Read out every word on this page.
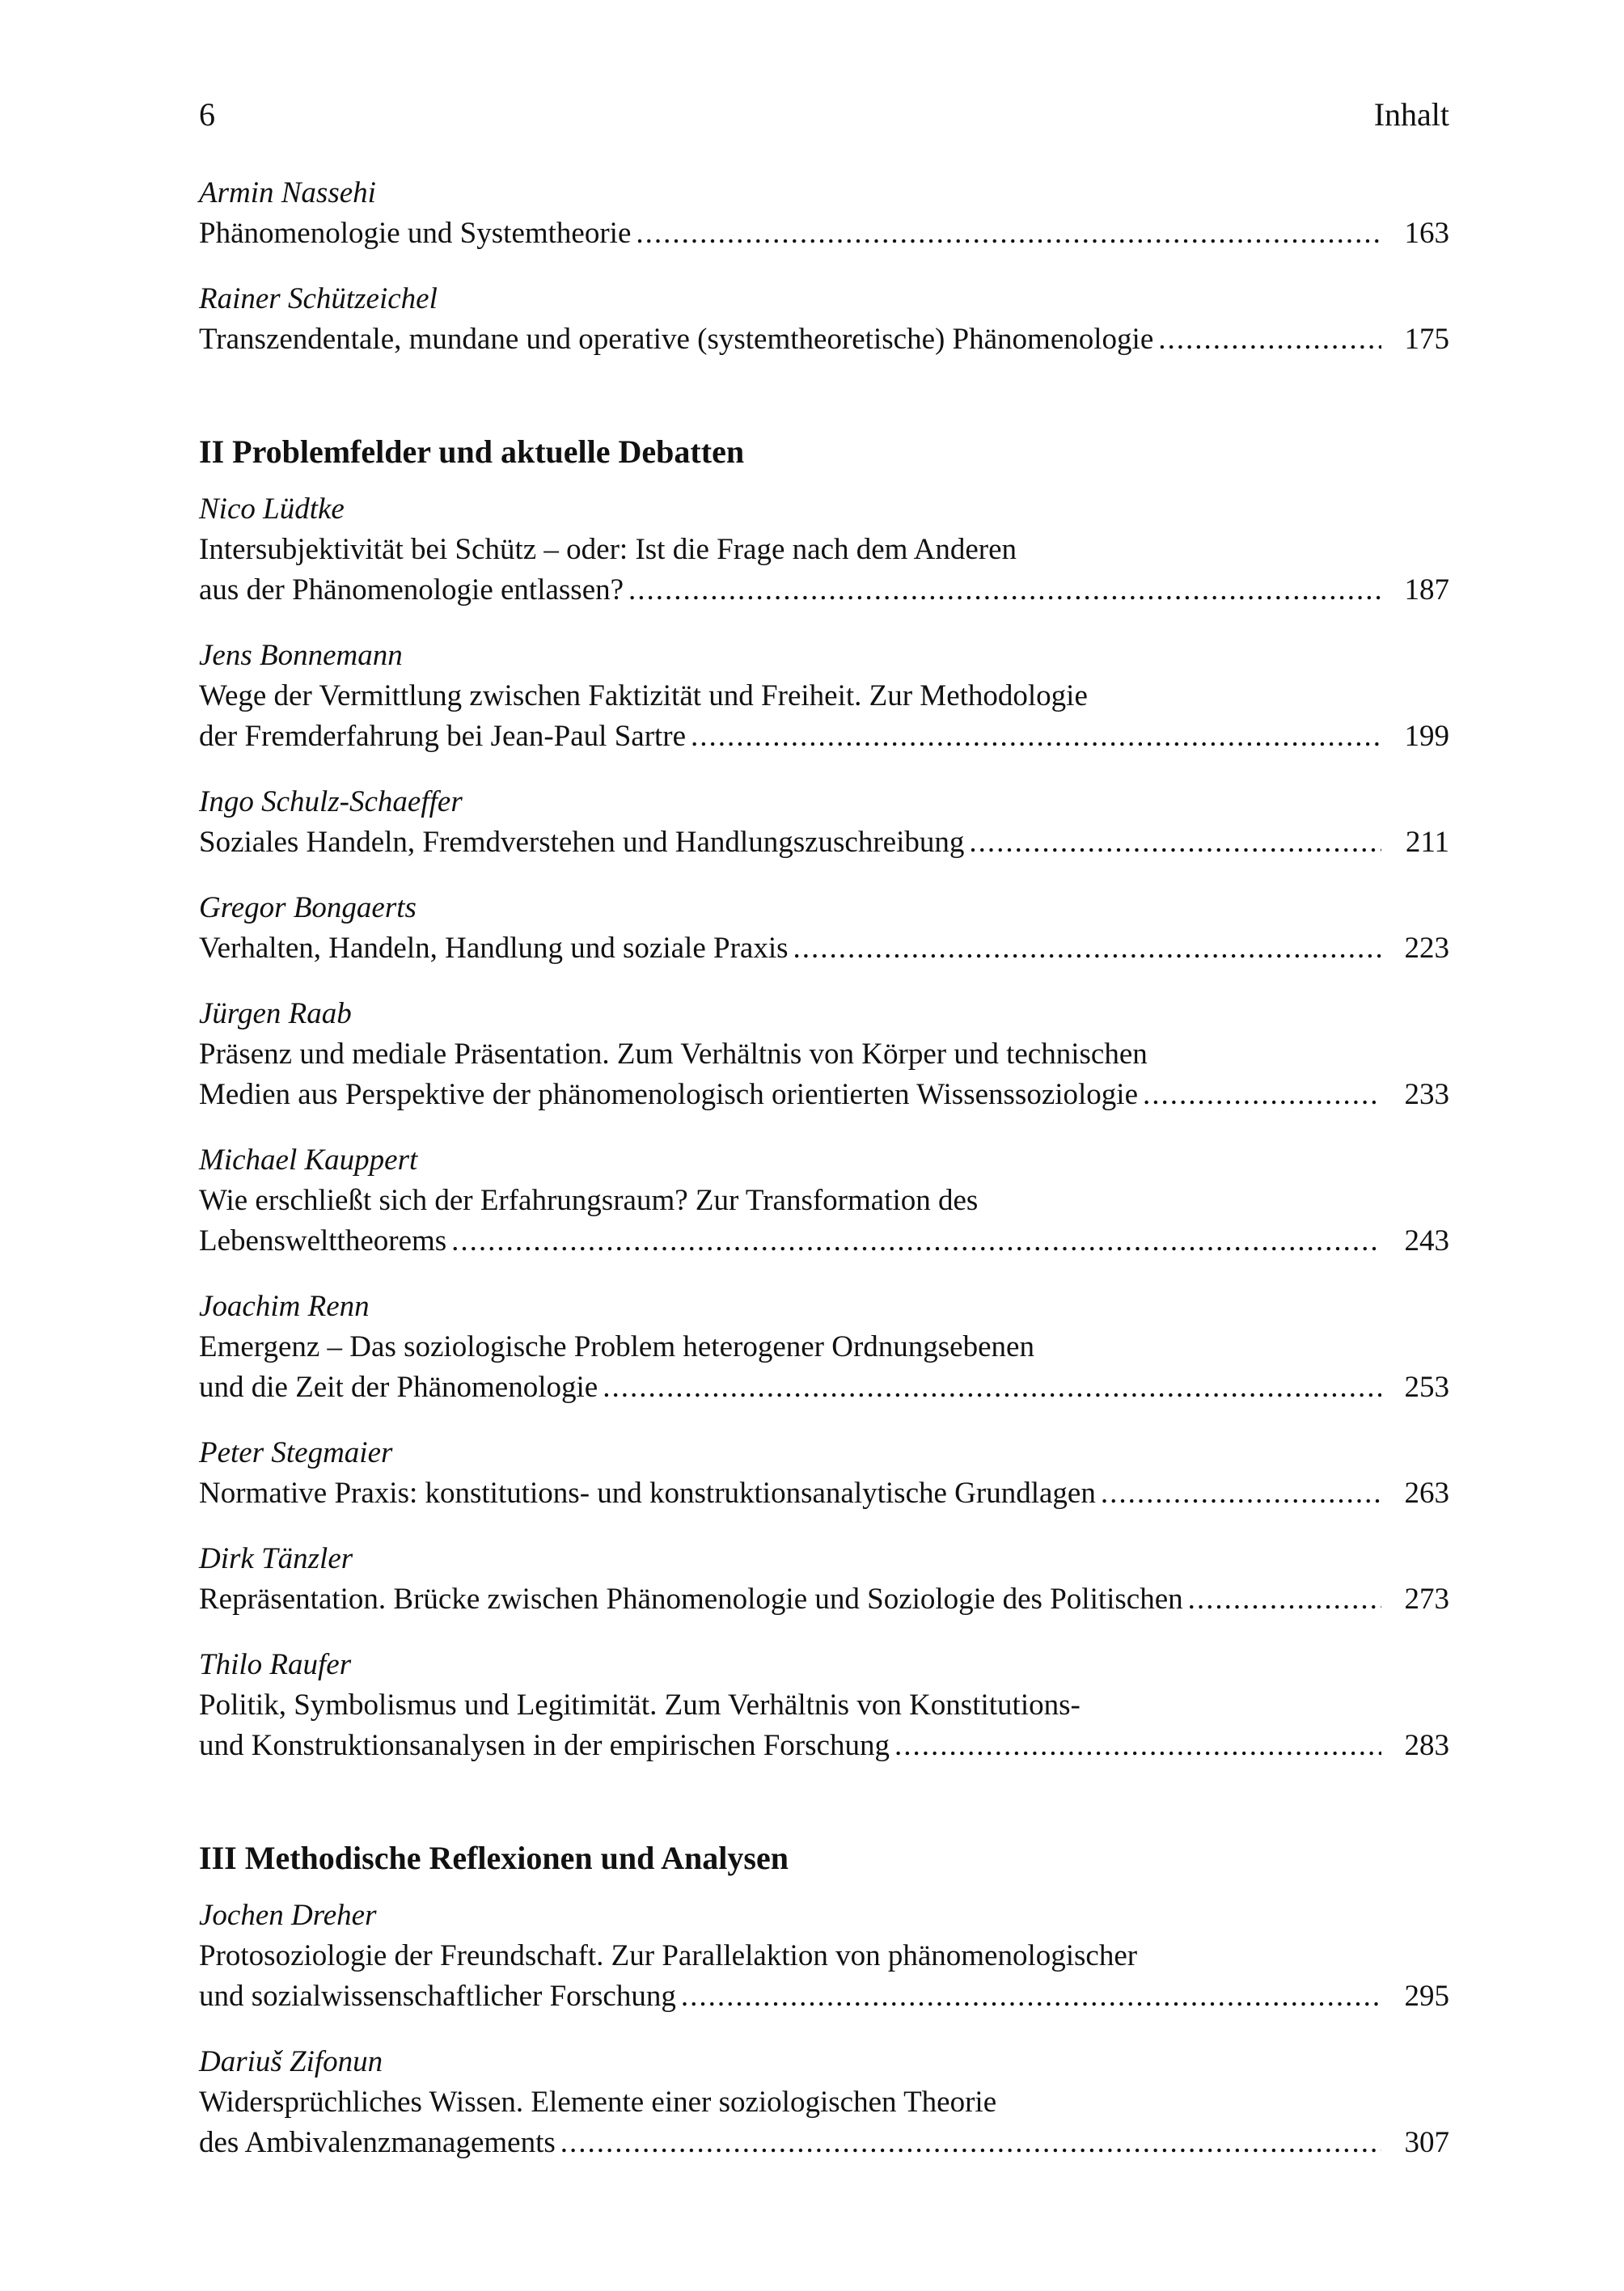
6	Inhalt
Armin Nassehi
Phänomenologie und Systemtheorie .....	163
Rainer Schützeichel
Transzendentale, mundane und operative (systemtheoretische) Phänomenologie .....	175
II Problemfelder und aktuelle Debatten
Nico Lüdtke
Intersubjektivität bei Schütz – oder: Ist die Frage nach dem Anderen
aus der Phänomenologie entlassen? .....	187
Jens Bonnemann
Wege der Vermittlung zwischen Faktizität und Freiheit. Zur Methodologie
der Fremderfahrung bei Jean-Paul Sartre .....	199
Ingo Schulz-Schaeffer
Soziales Handeln, Fremdverstehen und Handlungszuschreibung .....	211
Gregor Bongaerts
Verhalten, Handeln, Handlung und soziale Praxis .....	223
Jürgen Raab
Präsenz und mediale Präsentation. Zum Verhältnis von Körper und technischen
Medien aus Perspektive der phänomenologisch orientierten Wissenssoziologie .....	233
Michael Kauppert
Wie erschließt sich der Erfahrungsraum? Zur Transformation des
Lebenswelttheorems .....	243
Joachim Renn
Emergenz – Das soziologische Problem heterogener Ordnungsebenen
und die Zeit der Phänomenologie .....	253
Peter Stegmaier
Normative Praxis: konstitutions- und konstruktionsanalytische Grundlagen .....	263
Dirk Tänzler
Repräsentation. Brücke zwischen Phänomenologie und Soziologie des Politischen .....	273
Thilo Raufer
Politik, Symbolismus und Legitimität. Zum Verhältnis von Konstitutions-
und Konstruktionsanalysen in der empirischen Forschung .....	283
III Methodische Reflexionen und Analysen
Jochen Dreher
Protosoziologie der Freundschaft. Zur Parallelaktion von phänomenologischer
und sozialwissenschaftlicher Forschung .....	295
Dariuš Zifonun
Widersprüchliches Wissen. Elemente einer soziologischen Theorie
des Ambivalenzmanagements .....	307
